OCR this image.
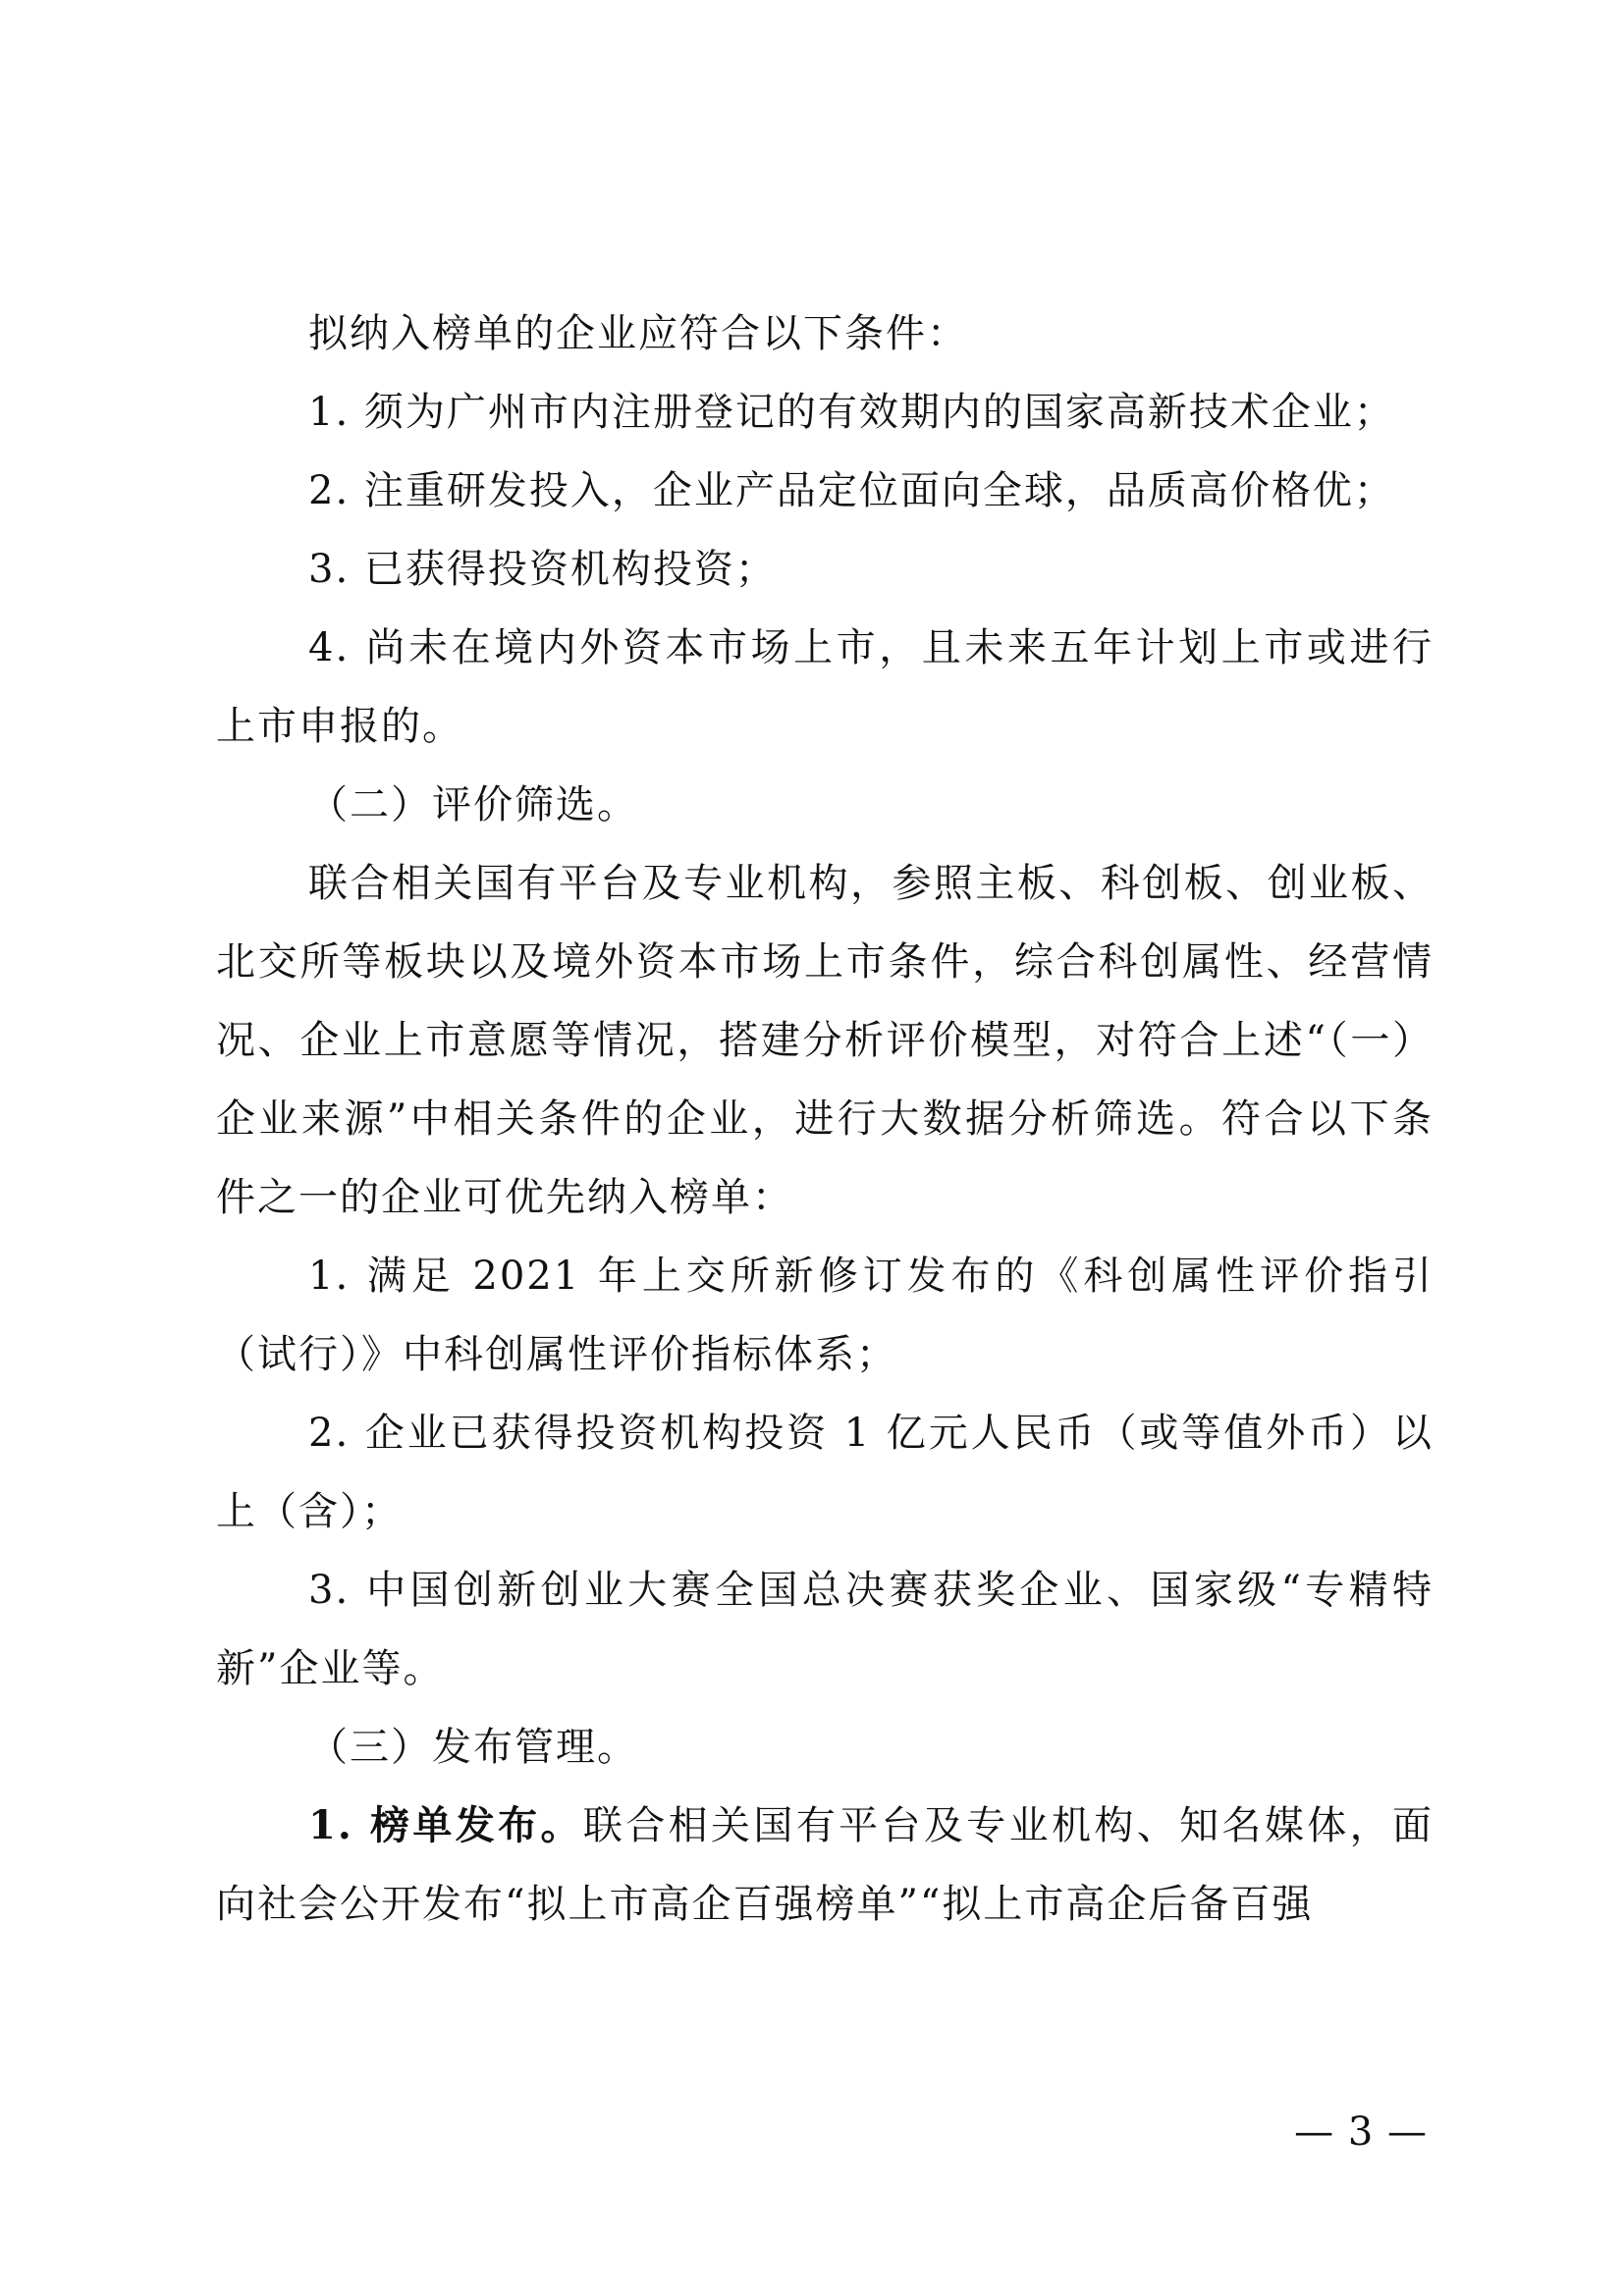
拟纳入榜单的企业应符合以下条件：

1. 须为广州市内注册登记的有效期内的国家高新技术企业；

2. 注重研发投入，企业产品定位面向全球，品质高价格优；

3. 已获得投资机构投资；

4. 尚未在境内外资本市场上市，且未来五年计划上市或进行上市申报的。

（二）评价筛选。

联合相关国有平台及专业机构，参照主板、科创板、创业板、北交所等板块以及境外资本市场上市条件，综合科创属性、经营情况、企业上市意愿等情况，搭建分析评价模型，对符合上述“（一） 企业来源”中相关条件的企业，进行大数据分析筛选。符合以下条件之一的企业可优先纳入榜单：

1. 满足 2021 年上交所新修订发布的《科创属性评价指引（试行）》中科创属性评价指标体系；

2. 企业已获得投资机构投资 1 亿元人民币（或等值外币）以上（含）；

3. 中国创新创业大赛全国总决赛获奖企业、国家级“专精特新”企业等。

（三）发布管理。

1. 榜单发布。联合相关国有平台及专业机构、知名媒体，面向社会公开发布“拟上市高企百强榜单”“拟上市高企后备百强

— 3 —
